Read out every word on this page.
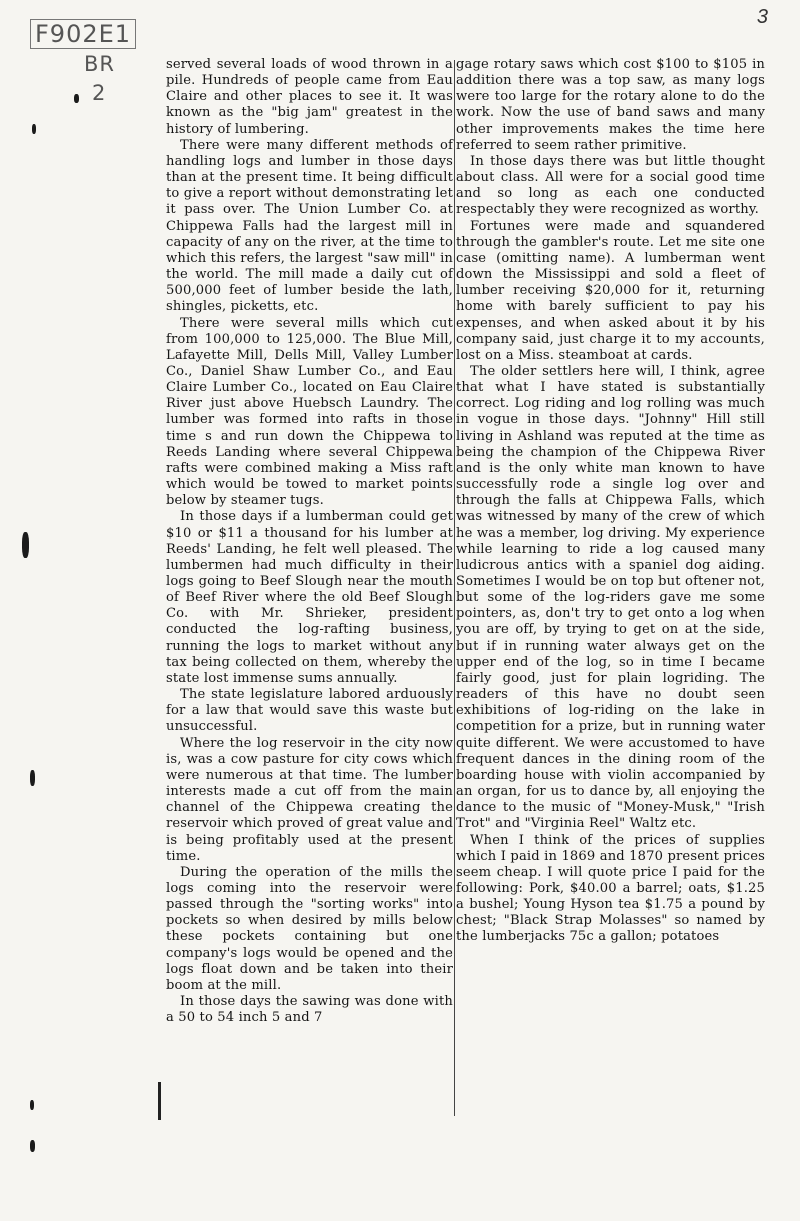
3
F902E1
BR
2

served several loads of wood thrown in a pile. Hundreds of people came from Eau Claire and other places to see it. It was known as the "big jam" greatest in the history of lumbering.

There were many different methods of handling logs and lumber in those days than at the present time. It being difficult to give a report without demonstrating let it pass over. The Union Lumber Co. at Chippewa Falls had the largest mill in capacity of any on the river, at the time to which this refers, the largest "saw mill" in the world. The mill made a daily cut of 500,000 feet of lumber beside the lath, shingles, picketts, etc.

There were several mills which cut from 100,000 to 125,000. The Blue Mill, Lafayette Mill, Dells Mill, Valley Lumber Co., Daniel Shaw Lumber Co., and Eau Claire Lumber Co., located on Eau Claire River just above Huebsch Laundry. The lumber was formed into rafts in those time s and run down the Chippewa to Reeds Landing where several Chippewa rafts were combined making a Miss raft which would be towed to market points below by steamer tugs.

In those days if a lumberman could get $10 or $11 a thousand for his lumber at Reeds' Landing, he felt well pleased. The lumbermen had much difficulty in their logs going to Beef Slough near the mouth of Beef River where the old Beef Slough Co. with Mr. Shrieker, president conducted the log-rafting business, running the logs to market without any tax being collected on them, whereby the state lost immense sums annually.

The state legislature labored arduously for a law that would save this waste but unsuccessful.

Where the log reservoir in the city now is, was a cow pasture for city cows which were numerous at that time. The lumber interests made a cut off from the main channel of the Chippewa creating the reservoir which proved of great value and is being profitably used at the present time.

During the operation of the mills the logs coming into the reservoir were passed through the "sorting works" into pockets so when desired by mills below these pockets containing but one company's logs would be opened and the logs float down and be taken into their boom at the mill.

In those days the sawing was done with a 50 to 54 inch 5 and 7

gage rotary saws which cost $100 to $105 in addition there was a top saw, as many logs were too large for the rotary alone to do the work. Now the use of band saws and many other improvements makes the time here referred to seem rather primitive.

In those days there was but little thought about class. All were for a social good time and so long as each one conducted respectably they were recognized as worthy.

Fortunes were made and squandered through the gambler's route. Let me site one case (omitting name). A lumberman went down the Mississippi and sold a fleet of lumber receiving $20,000 for it, returning home with barely sufficient to pay his expenses, and when asked about it by his company said, just charge it to my accounts, lost on a Miss. steamboat at cards.

The older settlers here will, I think, agree that what I have stated is substantially correct. Log riding and log rolling was much in vogue in those days. "Johnny" Hill still living in Ashland was reputed at the time as being the champion of the Chippewa River and is the only white man known to have successfully rode a single log over and through the falls at Chippewa Falls, which was witnessed by many of the crew of which he was a member, log driving. My experience while learning to ride a log caused many ludicrous antics with a spaniel dog aiding. Sometimes I would be on top but oftener not, but some of the log-riders gave me some pointers, as, don't try to get onto a log when you are off, by trying to get on at the side, but if in running water always get on the upper end of the log, so in time I became fairly good, just for plain logriding. The readers of this have no doubt seen exhibitions of log-riding on the lake in competition for a prize, but in running water quite different. We were accustomed to have frequent dances in the dining room of the boarding house with violin accompanied by an organ, for us to dance by, all enjoying the dance to the music of "Money-Musk," "Irish Trot" and "Virginia Reel" Waltz etc.

When I think of the prices of supplies which I paid in 1869 and 1870 present prices seem cheap. I will quote price I paid for the following: Pork, $40.00 a barrel; oats, $1.25 a bushel; Young Hyson tea $1.75 a pound by chest; "Black Strap Molasses" so named by the lumberjacks 75c a gallon; potatoes
